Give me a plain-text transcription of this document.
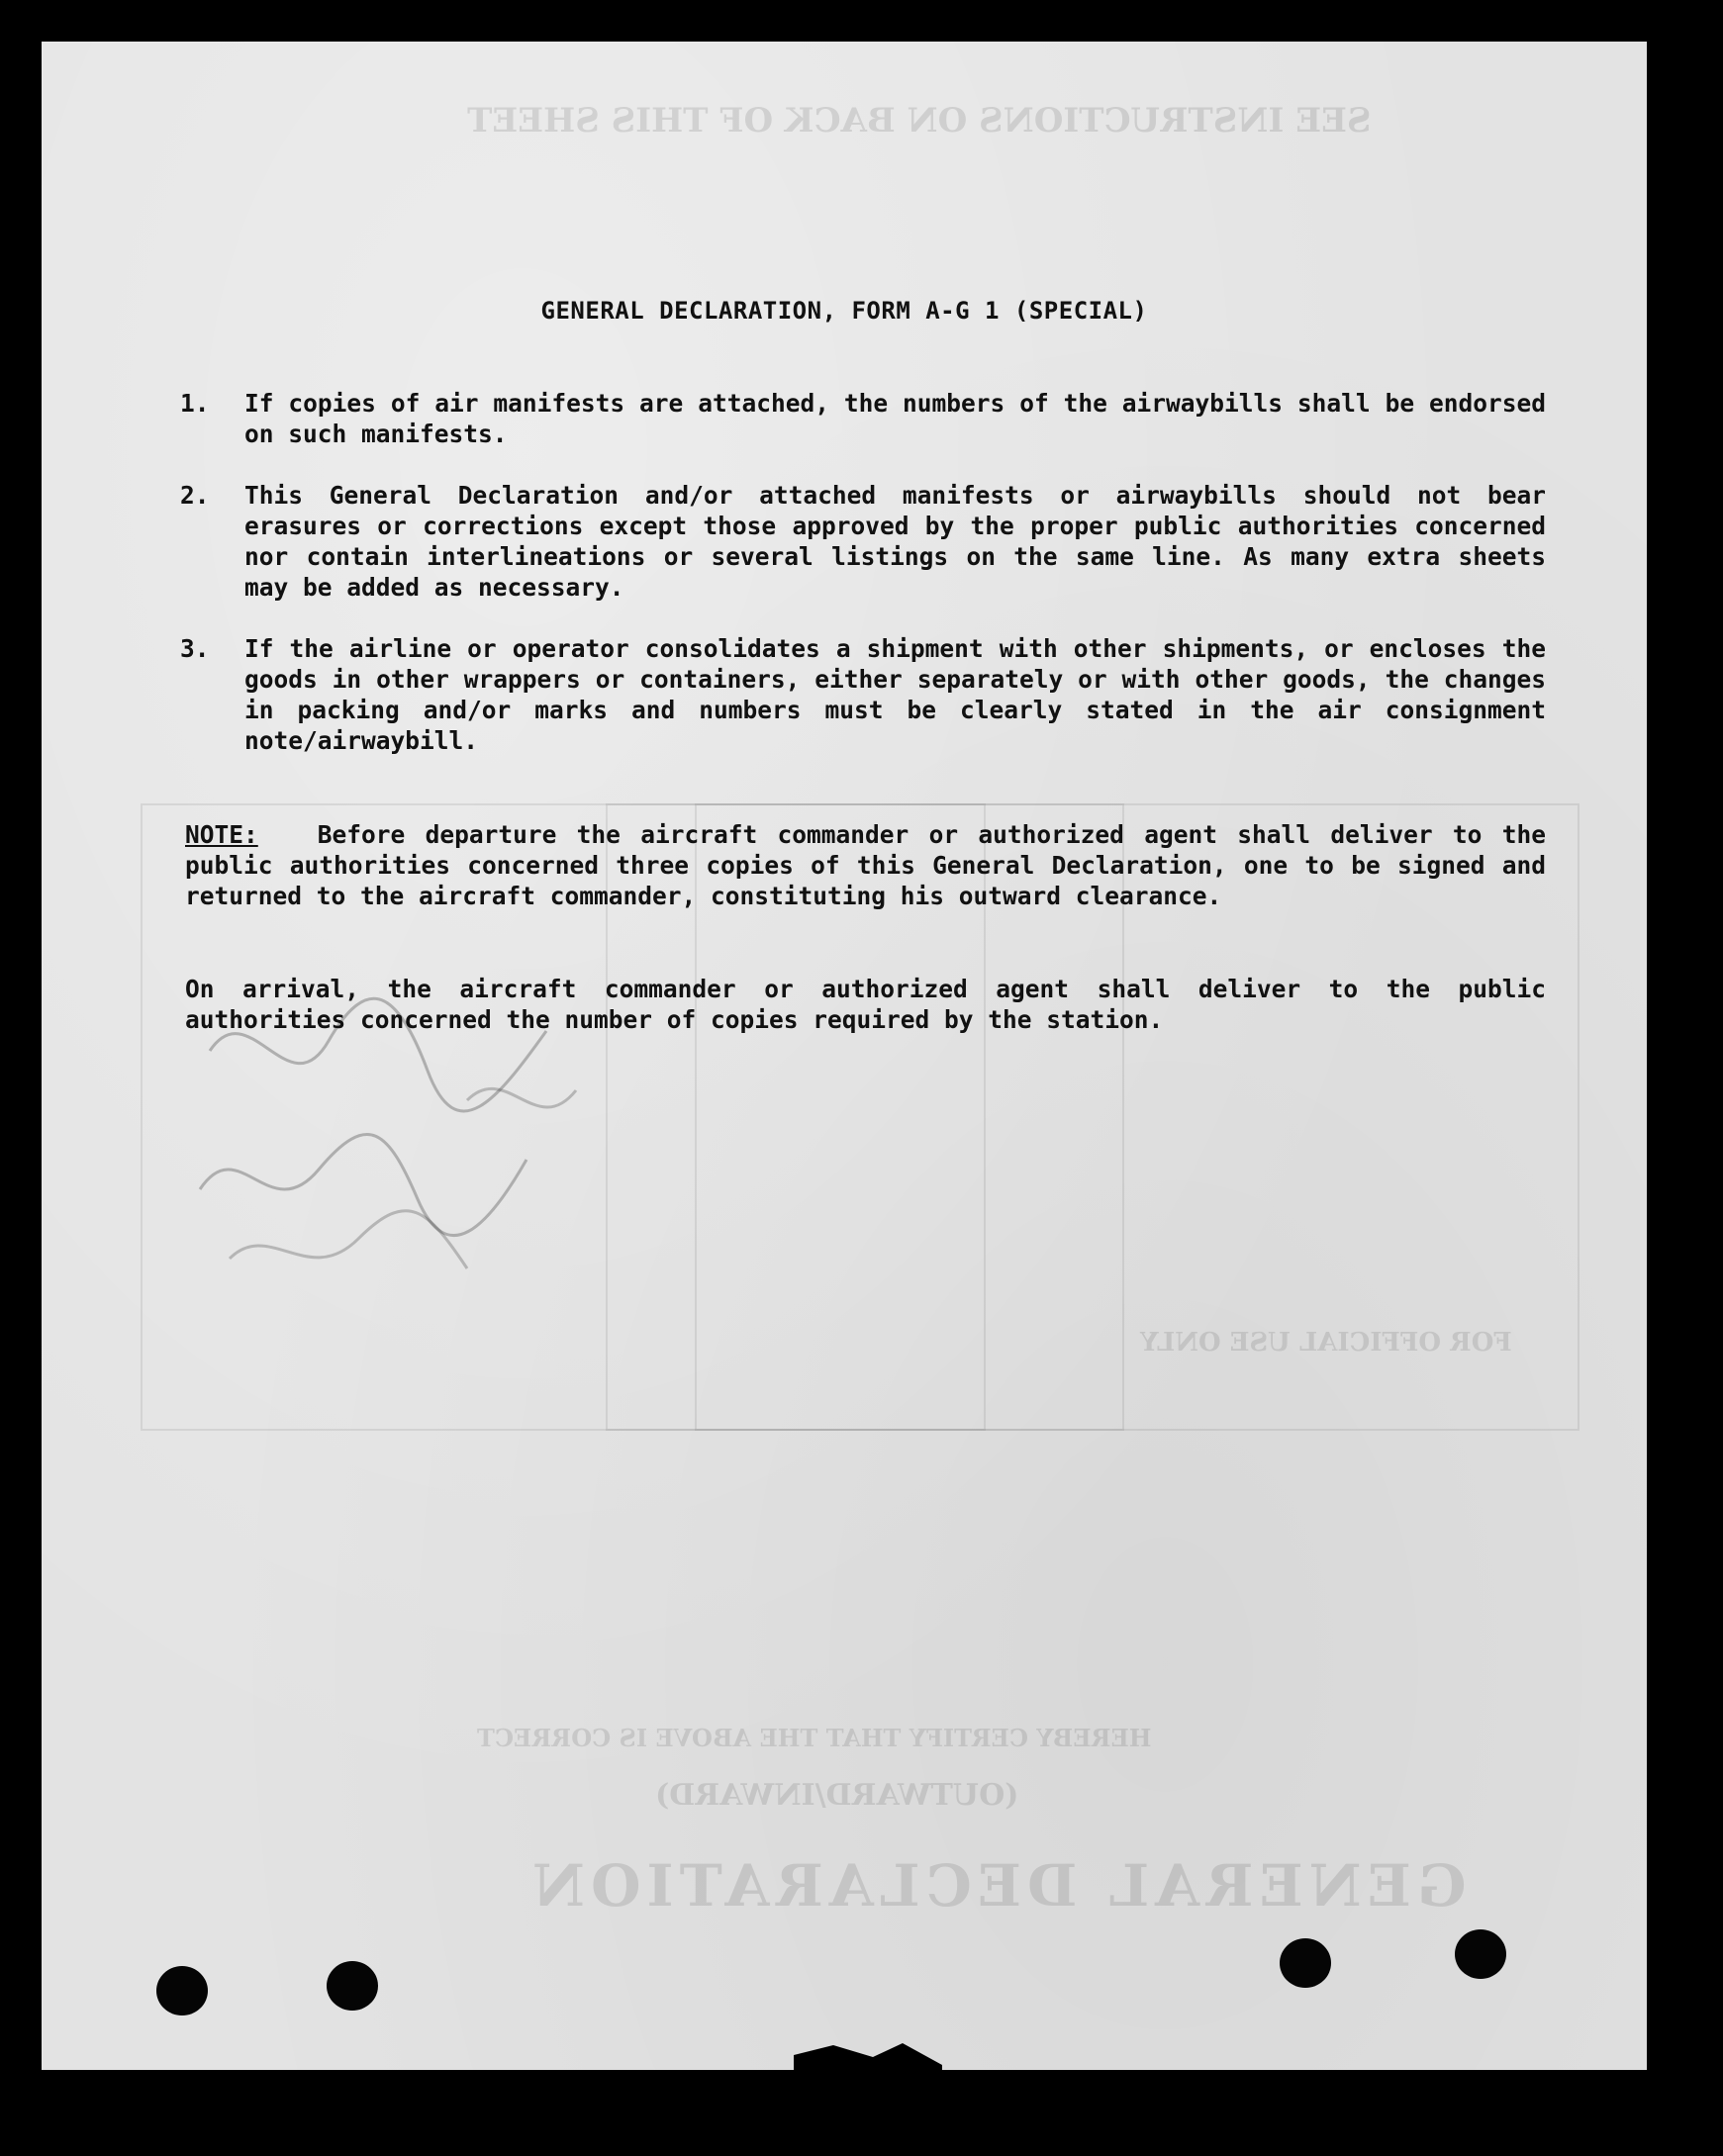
SEE INSTRUCTIONS ON BACK OF THIS SHEET
GENERAL DECLARATION
(OUTWARD/INWARD)
HEREBY CERTIFY THAT THE ABOVE IS CORRECT
FOR OFFICIAL USE ONLY
GENERAL DECLARATION, FORM A-G 1 (SPECIAL)
1. If copies of air manifests are attached, the numbers of the airwaybills shall be endorsed on such manifests.
2. This General Declaration and/or attached manifests or airwaybills should not bear erasures or corrections except those approved by the proper public authorities concerned nor contain interlineations or several listings on the same line. As many extra sheets may be added as necessary.
3. If the airline or operator consolidates a shipment with other shipments, or encloses the goods in other wrappers or containers, either separately or with other goods, the changes in packing and/or marks and numbers must be clearly stated in the air consignment note/airwaybill.
NOTE: Before departure the aircraft commander or authorized agent shall deliver to the public authorities concerned three copies of this General Declaration, one to be signed and returned to the aircraft commander, constituting his outward clearance.
On arrival, the aircraft commander or authorized agent shall deliver to the public authorities concerned the number of copies required by the station.
